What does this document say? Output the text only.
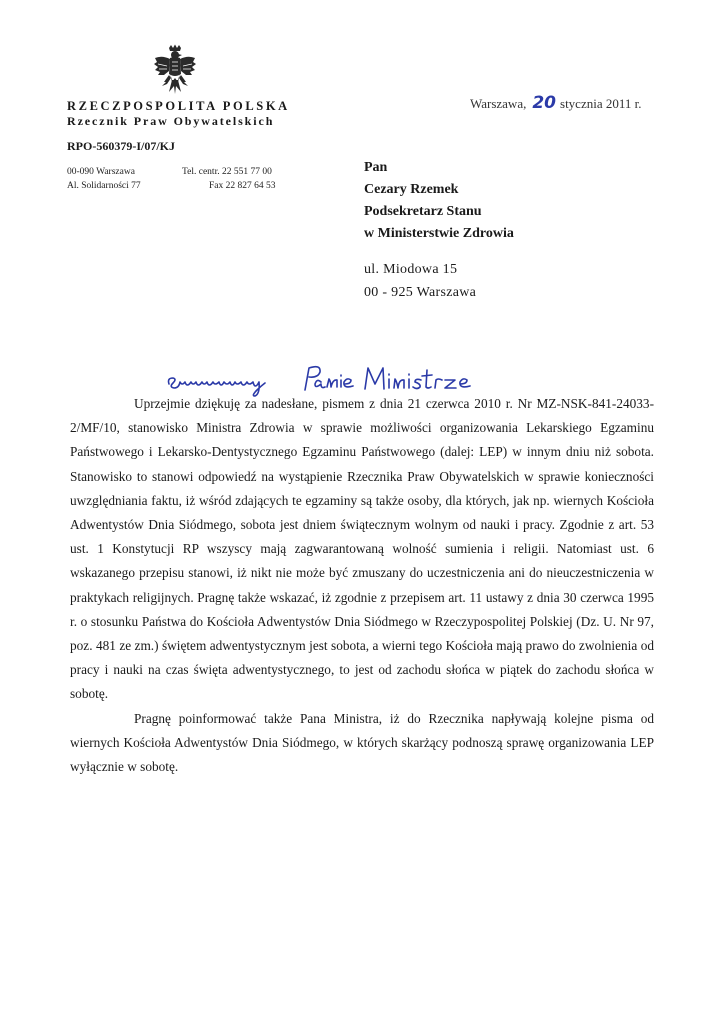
RZECZPOSPOLITA POLSKA
Rzecznik Praw Obywatelskich
RPO-560379-I/07/KJ
00-090 Warszawa
Al. Solidarności 77
Tel. centr. 22 551 77 00
Fax 22 827 64 53
Warszawa, 20 stycznia 2011 r.
Pan
Cezary Rzemek
Podsekretarz Stanu
w Ministerstwie Zdrowia
ul. Miodowa 15
00 - 925 Warszawa

Uprzejmie dziękuję za nadesłane, pismem z dnia 21 czerwca 2010 r. Nr MZ-NSK-841-24033-2/MF/10, stanowisko Ministra Zdrowia w sprawie możliwości organizowania Lekarskiego Egzaminu Państwowego i Lekarsko-Dentystycznego Egzaminu Państwowego (dalej: LEP) w innym dniu niż sobota. Stanowisko to stanowi odpowiedź na wystąpienie Rzecznika Praw Obywatelskich w sprawie konieczności uwzględniania faktu, iż wśród zdających te egzaminy są także osoby, dla których, jak np. wiernych Kościoła Adwentystów Dnia Siódmego, sobota jest dniem świątecznym wolnym od nauki i pracy. Zgodnie z art. 53 ust. 1 Konstytucji RP wszyscy mają zagwarantowaną wolność sumienia i religii. Natomiast ust. 6 wskazanego przepisu stanowi, iż nikt nie może być zmuszany do uczestniczenia ani do nieuczestniczenia w praktykach religijnych. Pragnę także wskazać, iż zgodnie z przepisem art. 11 ustawy z dnia 30 czerwca 1995 r. o stosunku Państwa do Kościoła Adwentystów Dnia Siódmego w Rzeczypospolitej Polskiej (Dz. U. Nr 97, poz. 481 ze zm.) świętem adwentystycznym jest sobota, a wierni tego Kościoła mają prawo do zwolnienia od pracy i nauki na czas święta adwentystycznego, to jest od zachodu słońca w piątek do zachodu słońca w sobotę.

Pragnę poinformować także Pana Ministra, iż do Rzecznika napływają kolejne pisma od wiernych Kościoła Adwentystów Dnia Siódmego, w których skarżący podnoszą sprawę organizowania LEP wyłącznie w sobotę.
